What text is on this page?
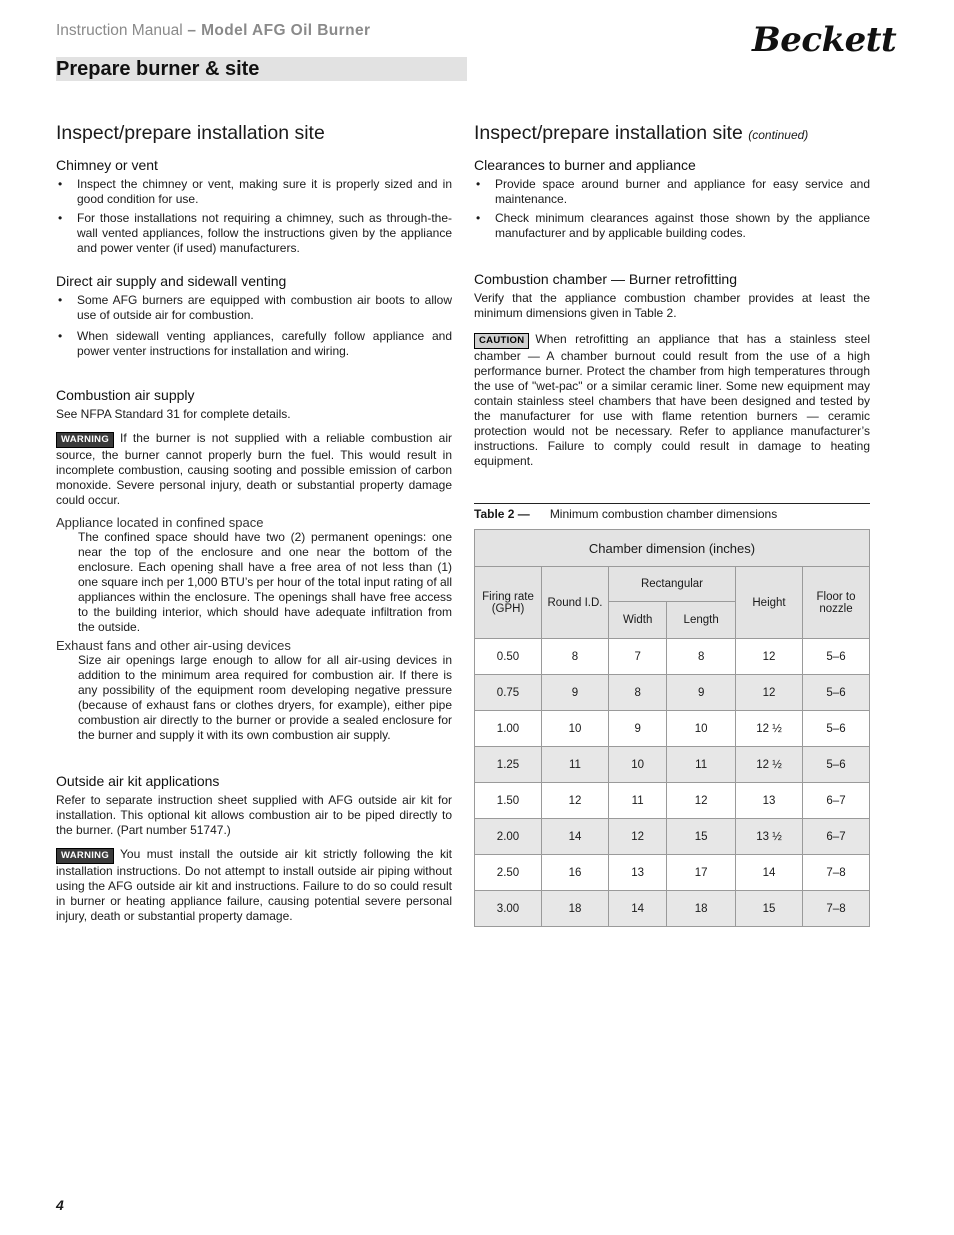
Instruction Manual – Model AFG Oil Burner	Beckett
Prepare burner & site
Inspect/prepare installation site
Chimney or vent
• Inspect the chimney or vent, making sure it is properly sized and in good condition for use.
• For those installations not requiring a chimney, such as through-the-wall vented appliances, follow the instructions given by the appliance and power venter (if used) manufacturers.
Direct air supply and sidewall venting
• Some AFG burners are equipped with combustion air boots to allow use of outside air for combustion.
• When sidewall venting appliances, carefully follow appliance and power venter instructions for installation and wiring.
Combustion air supply

See NFPA Standard 31 for complete details.

WARNING If the burner is not supplied with a reliable combustion air source, the burner cannot properly burn the fuel. This would result in incomplete combustion, causing sooting and possible emission of carbon monoxide. Severe personal injury, death or substantial property damage could occur.

Appliance located in confined space

The confined space should have two (2) permanent openings: one near the top of the enclosure and one near the bottom of the enclosure. Each opening shall have a free area of not less than (1) one square inch per 1,000 BTU’s per hour of the total input rating of all appliances within the enclosure. The openings shall have free access to the building interior, which should have adequate infiltration from the outside.

Exhaust fans and other air-using devices

Size air openings large enough to allow for all air-using devices in addition to the minimum area required for combustion air. If there is any possibility of the equipment room developing negative pressure (because of exhaust fans or clothes dryers, for example), either pipe combustion air directly to the burner or provide a sealed enclosure for the burner and supply it with its own combustion air supply.

Outside air kit applications

Refer to separate instruction sheet supplied with AFG outside air kit for installation. This optional kit allows combustion air to be piped directly to the burner. (Part number 51747.)

WARNING You must install the outside air kit strictly following the kit installation instructions. Do not attempt to install outside air piping without using the AFG outside air kit and instructions. Failure to do so could result in burner or heating appliance failure, causing potential severe personal injury, death or substantial property damage.

Inspect/prepare installation site (continued)
Clearances to burner and appliance
• Provide space around burner and appliance for easy service and maintenance.
• Check minimum clearances against those shown by the appliance manufacturer and by applicable building codes.
Combustion chamber — Burner retrofitting

Verify that the appliance combustion chamber provides at least the minimum dimensions given in Table 2.

CAUTION When retrofitting an appliance that has a stainless steel chamber — A chamber burnout could result from the use of a high performance burner. Protect the chamber from high temperatures through the use of "wet-pac" or a similar ceramic liner. Some new equipment may contain stainless steel chambers that have been designed and tested by the manufacturer for use with flame retention burners — ceramic protection would not be necessary. Refer to appliance manufacturer’s instructions. Failure to comply could result in damage to heating equipment.

Table 2 — Minimum combustion chamber dimensions
Chamber dimension (inches)					
Firing rate (GPH)	Round I.D.	Rectangular		Height	Floor to nozzle
		Width	Length		
0.50	8	7	8	12	5–6
0.75	9	8	9	12	5–6
1.00	10	9	10	12 ½	5–6
1.25	11	10	11	12 ½	5–6
1.50	12	11	12	13	6–7
2.00	14	12	15	13 ½	6–7
2.50	16	13	17	14	7–8
3.00	18	14	18	15	7–8
4
